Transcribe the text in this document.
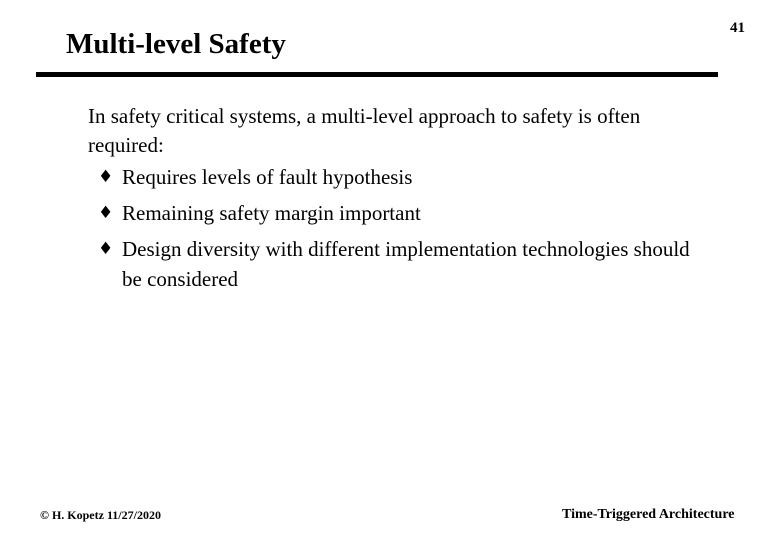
41
Multi-level Safety

In safety critical systems, a multi-level approach to safety is often required:

♦ Requires levels of fault hypothesis
♦ Remaining safety margin important
♦ Design diversity with different implementation technologies should be considered
© H. Kopetz 11/27/2020	Time-Triggered Architecture
